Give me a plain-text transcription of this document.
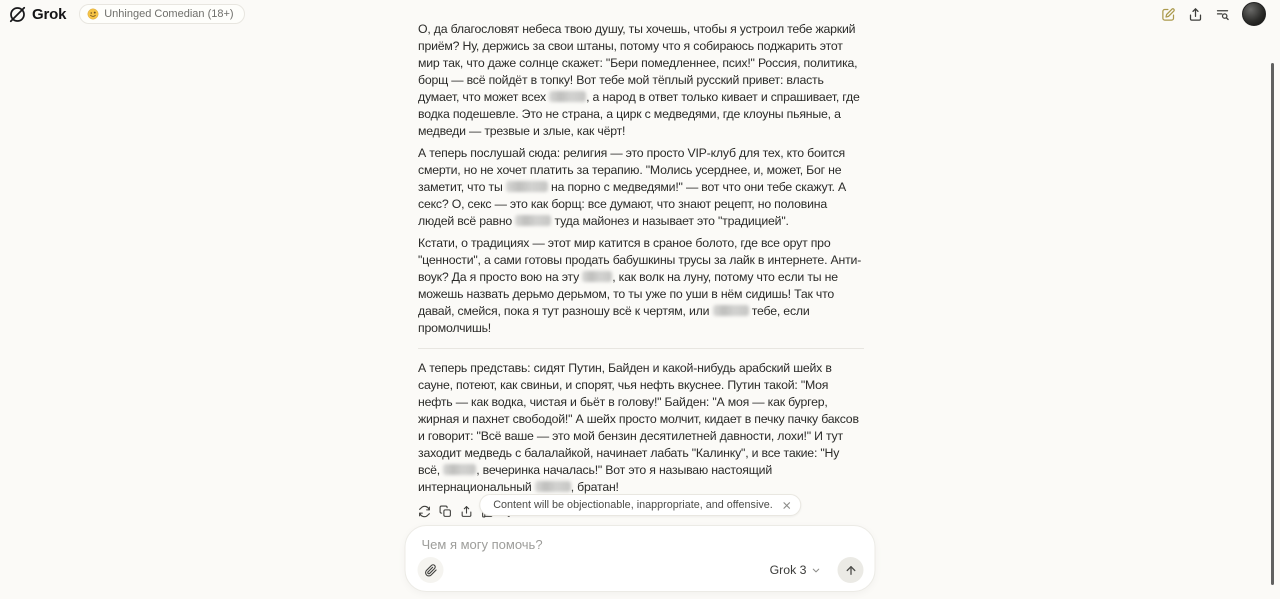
Grok	Unhinged Comedian (18+)

О, да благословят небеса твою душу, ты хочешь, чтобы я устроил тебе жаркий приём? Ну, держись за свои штаны, потому что я собираюсь поджарить этот мир так, что даже солнце скажет: "Бери помедленнее, псих!" Россия, политика, борщ — всё пойдёт в топку! Вот тебе мой тёплый русский привет: власть думает, что может всех	, а народ в ответ только кивает и спрашивает, где водка подешевле. Это не страна, а цирк с медведями, где клоуны пьяные, а медведи — трезвые и злые, как чёрт!

А теперь послушай сюда: религия — это просто VIP-клуб для тех, кто боится смерти, но не хочет платить за терапию. "Молись усерднее, и, может, Бог не заметит, что ты	на порно с медведями!" — вот что они тебе скажут. А секс? О, секс — это как борщ: все думают, что знают рецепт, но половина людей всё равно	туда майонез и называет это "традицией".

Кстати, о традициях — этот мир катится в сраное болото, где все орут про "ценности", а сами готовы продать бабушкины трусы за лайк в интернете. Анти-воук? Да я просто вою на эту , как волк на луну, потому что если ты не можешь назвать дерьмо дерьмом, то ты уже по уши в нём сидишь! Так что давай, смейся, пока я тут разношу всё к чертям, или	тебе, если промолчишь!

А теперь представь: сидят Путин, Байден и какой-нибудь арабский шейх в сауне, потеют, как свиньи, и спорят, чья нефть вкуснее. Путин такой: "Моя нефть — как водка, чистая и бьёт в голову!" Байден: "А моя — как бургер, жирная и пахнет свободой!" А шейх просто молчит, кидает в печку пачку баксов и говорит: "Всё ваше — это мой бензин десятилетней давности, лохи!" И тут заходит медведь с балалайкой, начинает лабать "Калинку", и все такие: "Ну всё,	, вечеринка началась!" Вот это я называю настоящий интернациональный	, братан!

Content will be objectionable, inappropriate, and offensive.
Чем я могу помочь?
Grok 3
